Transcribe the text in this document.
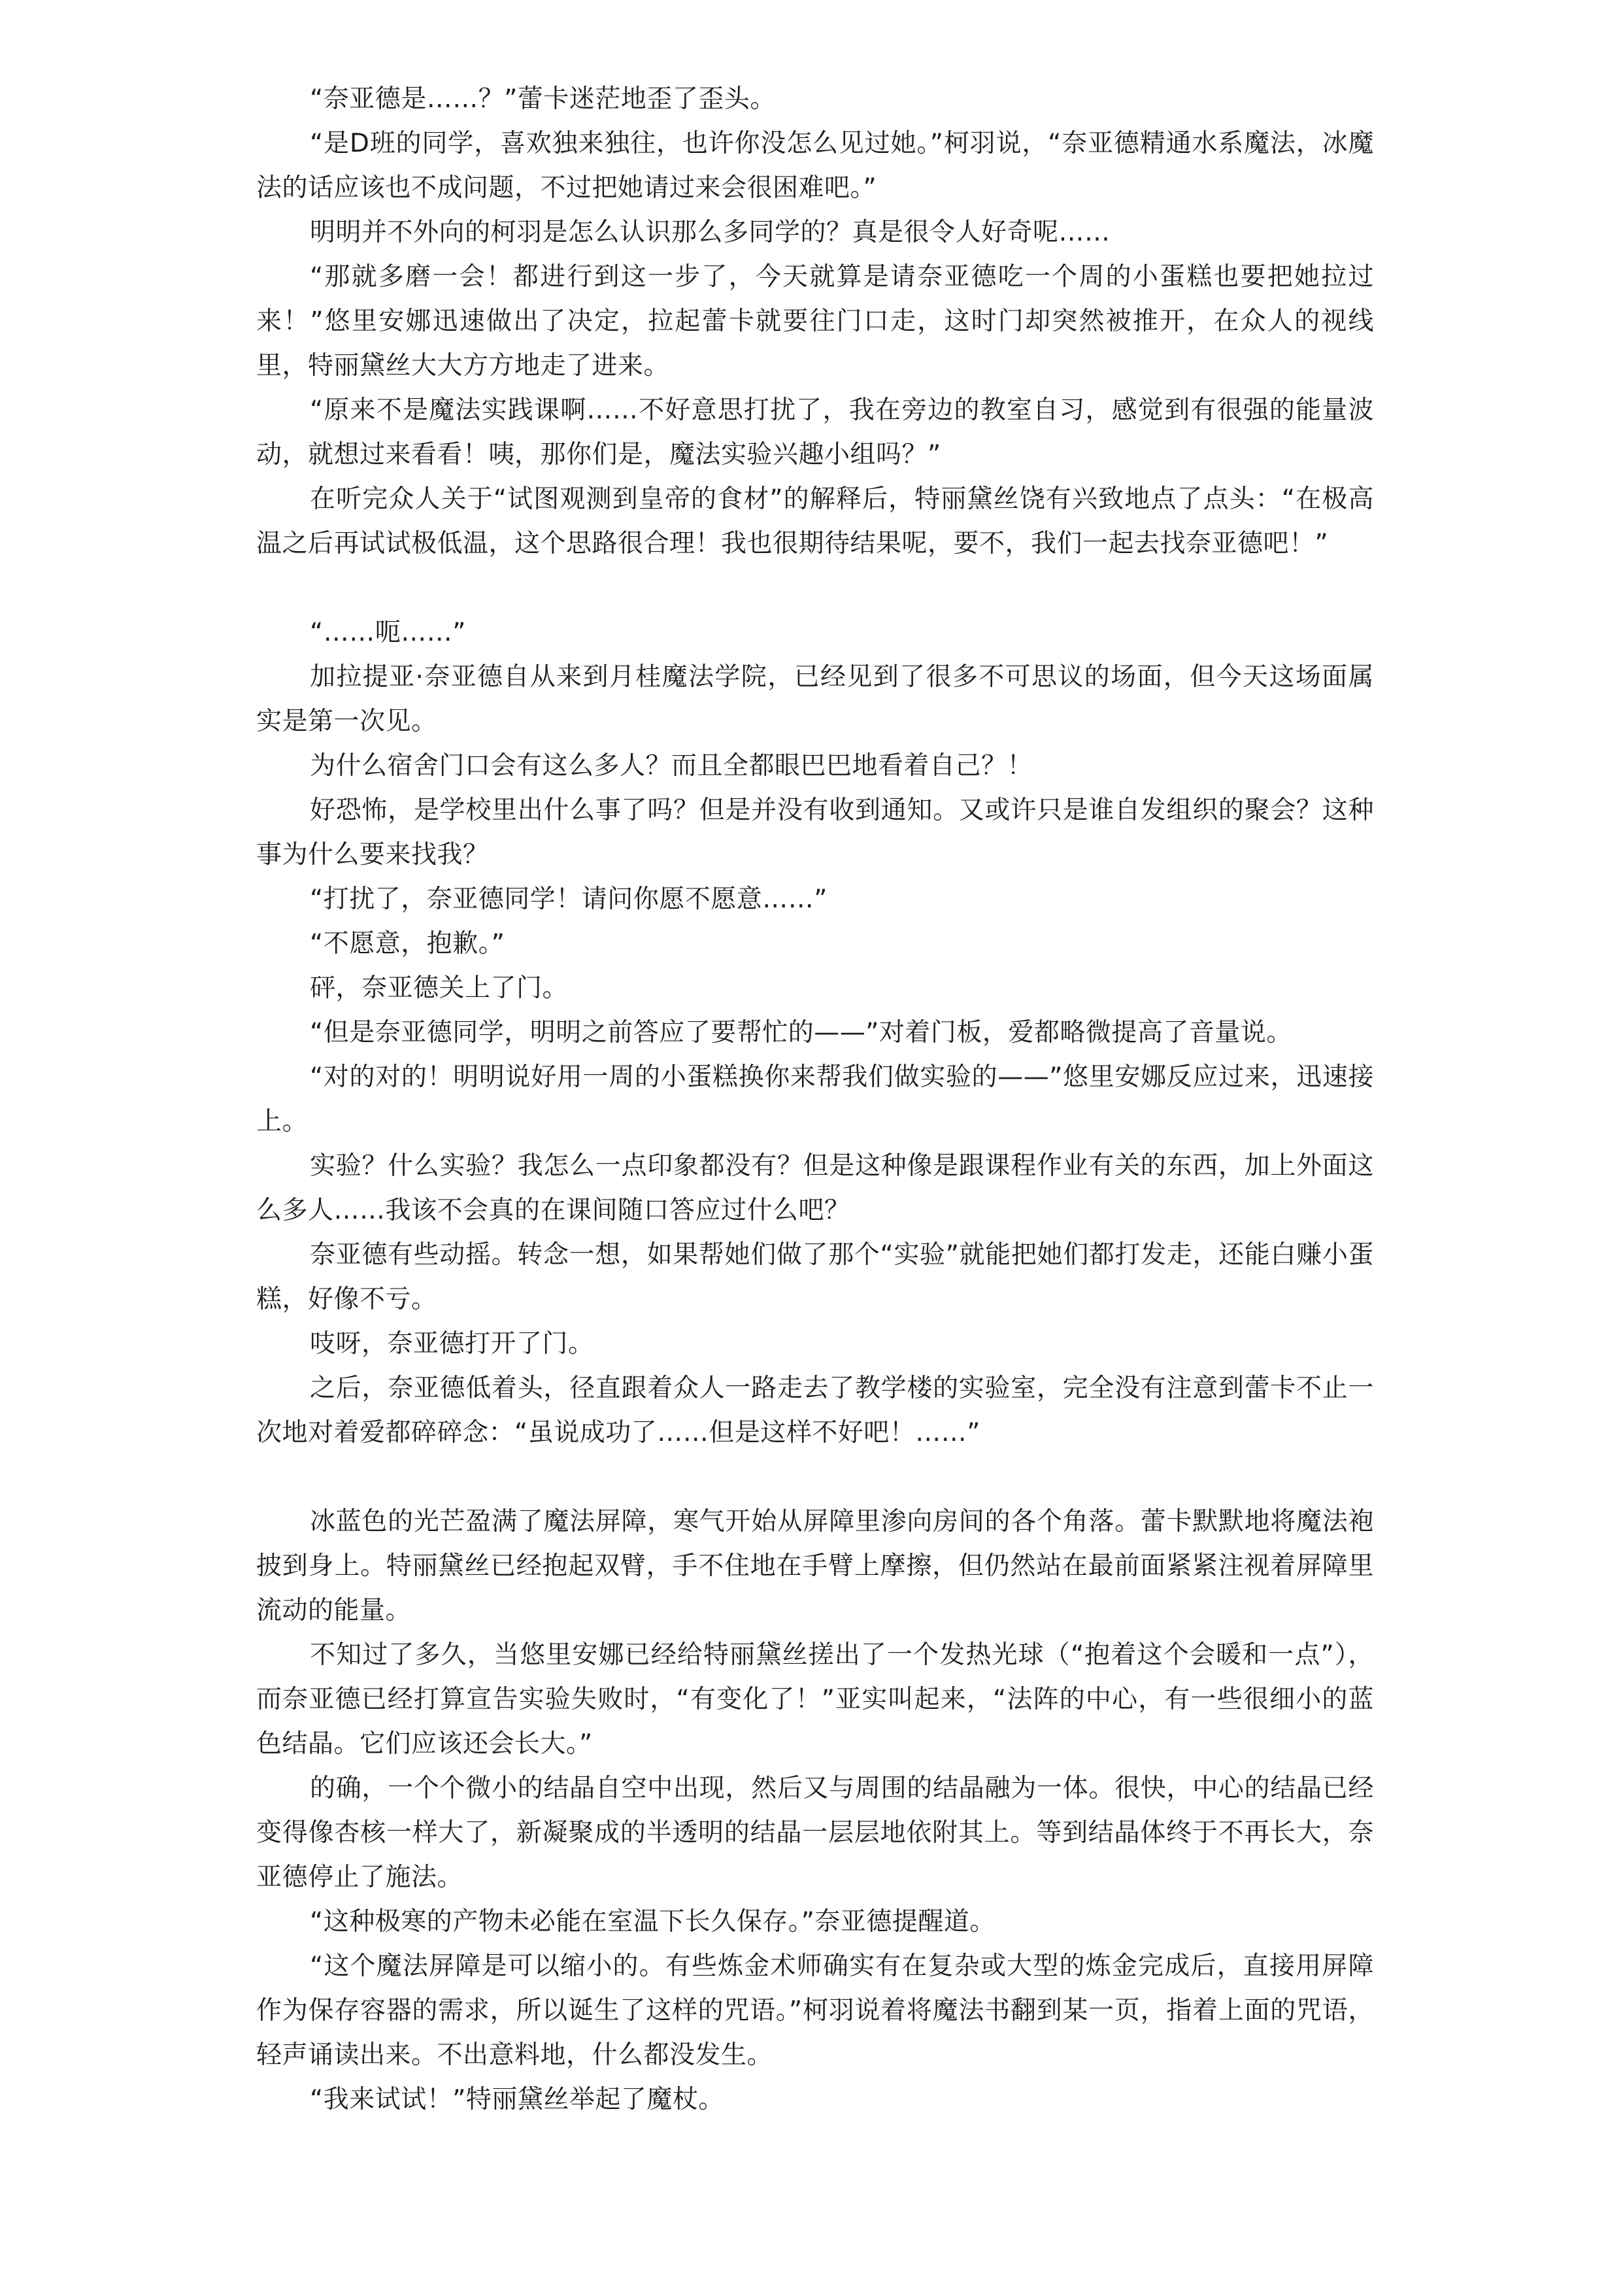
“奈亚德是……？”蕾卡迷茫地歪了歪头。

“是D班的同学，喜欢独来独往，也许你没怎么见过她。”柯羽说，“奈亚德精通水系魔法，冰魔法的话应该也不成问题，不过把她请过来会很困难吧。”

明明并不外向的柯羽是怎么认识那么多同学的？真是很令人好奇呢……

“那就多磨一会！都进行到这一步了，今天就算是请奈亚德吃一个周的小蛋糕也要把她拉过来！”悠里安娜迅速做出了决定，拉起蕾卡就要往门口走，这时门却突然被推开，在众人的视线里，特丽黛丝大大方方地走了进来。

“原来不是魔法实践课啊……不好意思打扰了，我在旁边的教室自习，感觉到有很强的能量波动，就想过来看看！咦，那你们是，魔法实验兴趣小组吗？”

在听完众人关于“试图观测到皇帝的食材”的解释后，特丽黛丝饶有兴致地点了点头：“在极高温之后再试试极低温，这个思路很合理！我也很期待结果呢，要不，我们一起去找奈亚德吧！”

“……呃……”

加拉提亚·奈亚德自从来到月桂魔法学院，已经见到了很多不可思议的场面，但今天这场面属实是第一次见。

为什么宿舍门口会有这么多人？而且全都眼巴巴地看着自己？！

好恐怖，是学校里出什么事了吗？但是并没有收到通知。又或许只是谁自发组织的聚会？这种事为什么要来找我？

“打扰了，奈亚德同学！请问你愿不愿意……”

“不愿意，抱歉。”

砰，奈亚德关上了门。

“但是奈亚德同学，明明之前答应了要帮忙的——”对着门板，爱都略微提高了音量说。

“对的对的！明明说好用一周的小蛋糕换你来帮我们做实验的——”悠里安娜反应过来，迅速接上。

实验？什么实验？我怎么一点印象都没有？但是这种像是跟课程作业有关的东西，加上外面这么多人……我该不会真的在课间随口答应过什么吧？

奈亚德有些动摇。转念一想，如果帮她们做了那个“实验”就能把她们都打发走，还能白赚小蛋糕，好像不亏。

吱呀，奈亚德打开了门。

之后，奈亚德低着头，径直跟着众人一路走去了教学楼的实验室，完全没有注意到蕾卡不止一次地对着爱都碎碎念：“虽说成功了……但是这样不好吧！……”

冰蓝色的光芒盈满了魔法屏障，寒气开始从屏障里渗向房间的各个角落。蕾卡默默地将魔法袍披到身上。特丽黛丝已经抱起双臂，手不住地在手臂上摩擦，但仍然站在最前面紧紧注视着屏障里流动的能量。

不知过了多久，当悠里安娜已经给特丽黛丝搓出了一个发热光球（“抱着这个会暖和一点”），而奈亚德已经打算宣告实验失败时，“有变化了！”亚实叫起来，“法阵的中心，有一些很细小的蓝色结晶。它们应该还会长大。”

的确，一个个微小的结晶自空中出现，然后又与周围的结晶融为一体。很快，中心的结晶已经变得像杏核一样大了，新凝聚成的半透明的结晶一层层地依附其上。等到结晶体终于不再长大，奈亚德停止了施法。

“这种极寒的产物未必能在室温下长久保存。”奈亚德提醒道。

“这个魔法屏障是可以缩小的。有些炼金术师确实有在复杂或大型的炼金完成后，直接用屏障作为保存容器的需求，所以诞生了这样的咒语。”柯羽说着将魔法书翻到某一页，指着上面的咒语，轻声诵读出来。不出意料地，什么都没发生。

“我来试试！”特丽黛丝举起了魔杖。
